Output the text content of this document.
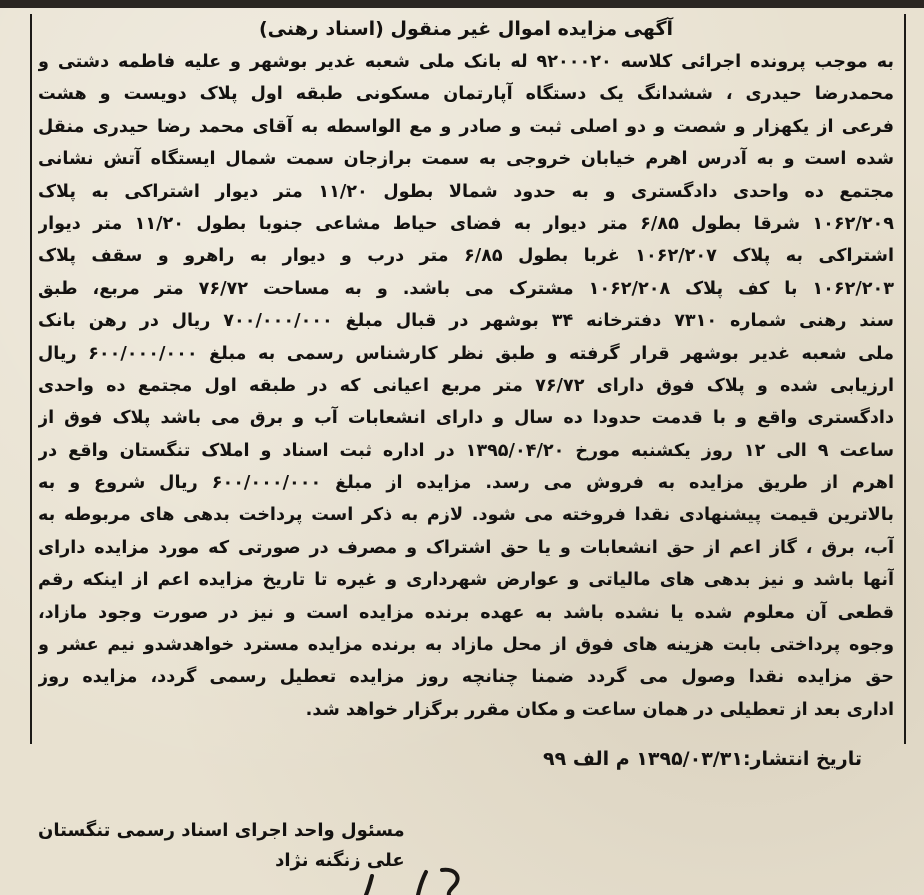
آگهی مزایده اموال غیر منقول (اسناد رهنی)
به موجب پرونده اجرائی کلاسه ۹۲۰۰۰۲۰ له بانک ملی شعبه غدیر بوشهر و علیه فاطمه دشتی و
محمدرضا حیدری ، ششدانگ یک دستگاه آپارتمان مسکونی طبقه اول پلاک دویست و هشت
فرعی از یکهزار و شصت و دو اصلی ثبت و صادر و مع الواسطه به آقای محمد رضا حیدری منقل
شده است و به آدرس اهرم خیابان خروجی به سمت برازجان سمت شمال ایستگاه آتش نشانی
مجتمع ده واحدی دادگستری و به حدود شمالا بطول ۱۱/۲۰ متر دیوار اشتراکی به پلاک
۱۰۶۲/۲۰۹ شرقا بطول ۶/۸۵ متر دیوار به فضای حیاط مشاعی جنوبا بطول ۱۱/۲۰ متر دیوار
اشتراکی به پلاک ۱۰۶۲/۲۰۷ غربا بطول ۶/۸۵ متر درب و دیوار به راهرو و سقف پلاک
۱۰۶۲/۲۰۳ با کف پلاک ۱۰۶۲/۲۰۸ مشترک می باشد. و به مساحت ۷۶/۷۲ متر مربع، طبق
سند رهنی شماره ۷۳۱۰ دفترخانه ۳۴ بوشهر در قبال مبلغ ۷۰۰/۰۰۰/۰۰۰ ریال در رهن بانک
ملی شعبه غدیر بوشهر قرار گرفته و طبق نظر کارشناس رسمی به مبلغ ۶۰۰/۰۰۰/۰۰۰ ریال
ارزیابی شده و پلاک فوق دارای ۷۶/۷۲ متر مربع اعیانی که در طبقه اول مجتمع ده واحدی
دادگستری واقع و با قدمت حدودا ده سال و دارای انشعابات آب و برق می باشد پلاک فوق از
ساعت ۹ الی ۱۲ روز یکشنبه مورخ ۱۳۹۵/۰۴/۲۰ در اداره ثبت اسناد و املاک تنگستان واقع در
اهرم از طریق مزایده به فروش می رسد. مزایده از مبلغ ۶۰۰/۰۰۰/۰۰۰ ریال شروع و به
بالاترین قیمت پیشنهادی نقدا فروخته می شود. لازم به ذکر است پرداخت بدهی های مربوطه به
آب، برق ، گاز اعم از حق انشعابات و یا حق اشتراک و مصرف در صورتی که مورد مزایده دارای
آنها باشد و نیز بدهی های مالیاتی و عوارض شهرداری و غیره تا تاریخ مزایده اعم از اینکه رقم
قطعی آن معلوم شده یا نشده باشد به عهده برنده مزایده است و نیز در صورت وجود مازاد،
وجوه پرداختی بابت هزینه های فوق از محل مازاد به برنده مزایده مسترد خواهدشدو نیم عشر و
حق مزایده نقدا وصول می گردد ضمنا چنانچه روز مزایده تعطیل رسمی گردد، مزایده روز
اداری بعد از تعطیلی در همان ساعت و مکان مقرر برگزار خواهد شد.
تاریخ انتشار:۱۳۹۵/۰۳/۳۱ م الف ۹۹
مسئول واحد اجرای اسناد رسمی تنگستان
علی زنگنه نژاد
